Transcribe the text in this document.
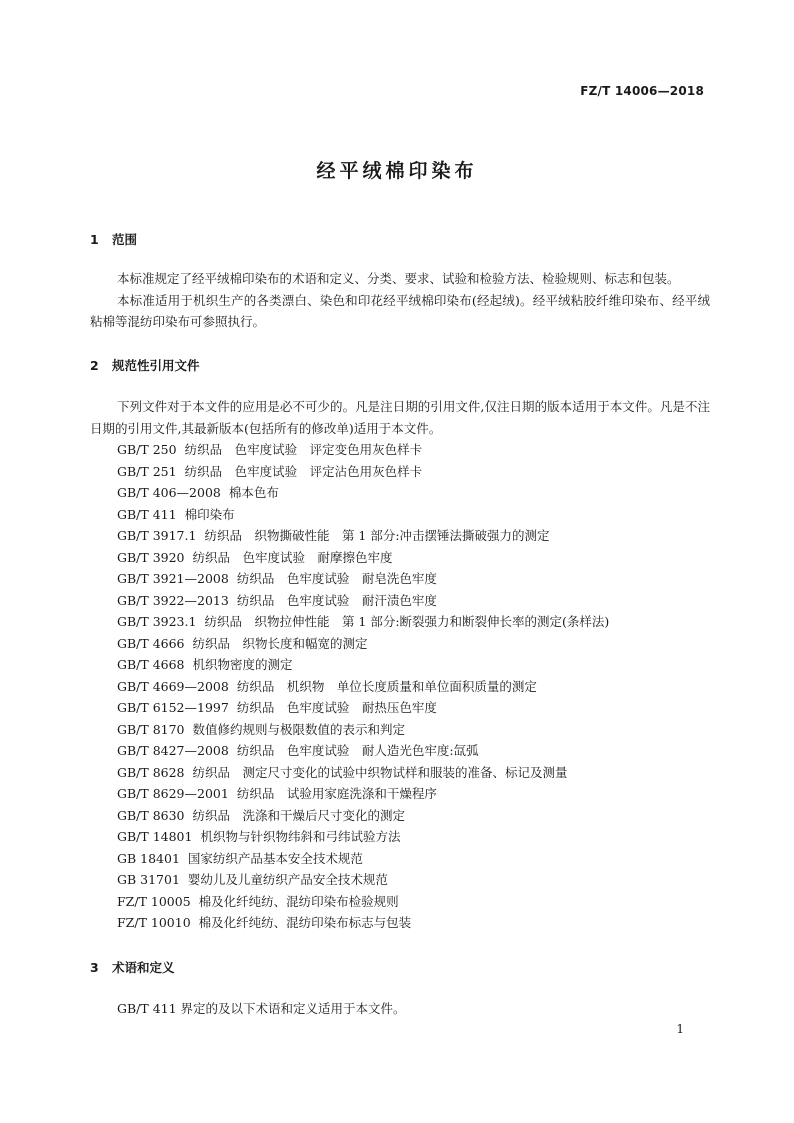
FZ/T 14006—2018
经平绒棉印染布
1 范围

本标准规定了经平绒棉印染布的术语和定义、分类、要求、试验和检验方法、检验规则、标志和包装。

本标准适用于机织生产的各类漂白、染色和印花经平绒棉印染布(经起绒)。经平绒粘胶纤维印染布、经平绒粘棉等混纺印染布可参照执行。

2 规范性引用文件

下列文件对于本文件的应用是必不可少的。凡是注日期的引用文件,仅注日期的版本适用于本文件。凡是不注日期的引用文件,其最新版本(包括所有的修改单)适用于本文件。

GB/T 250 纺织品　色牢度试验　评定变色用灰色样卡
GB/T 251 纺织品　色牢度试验　评定沾色用灰色样卡
GB/T 406—2008 棉本色布
GB/T 411 棉印染布
GB/T 3917.1 纺织品　织物撕破性能　第 1 部分:冲击摆锤法撕破强力的测定
GB/T 3920 纺织品　色牢度试验　耐摩擦色牢度
GB/T 3921—2008 纺织品　色牢度试验　耐皂洗色牢度
GB/T 3922—2013 纺织品　色牢度试验　耐汗渍色牢度
GB/T 3923.1 纺织品　织物拉伸性能　第 1 部分:断裂强力和断裂伸长率的测定(条样法)
GB/T 4666 纺织品　织物长度和幅宽的测定
GB/T 4668 机织物密度的测定
GB/T 4669—2008 纺织品　机织物　单位长度质量和单位面积质量的测定
GB/T 6152—1997 纺织品　色牢度试验　耐热压色牢度
GB/T 8170 数值修约规则与极限数值的表示和判定
GB/T 8427—2008 纺织品　色牢度试验　耐人造光色牢度:氙弧
GB/T 8628 纺织品　测定尺寸变化的试验中织物试样和服装的准备、标记及测量
GB/T 8629—2001 纺织品　试验用家庭洗涤和干燥程序
GB/T 8630 纺织品　洗涤和干燥后尺寸变化的测定
GB/T 14801 机织物与针织物纬斜和弓纬试验方法
GB 18401 国家纺织产品基本安全技术规范
GB 31701 婴幼儿及儿童纺织产品安全技术规范
FZ/T 10005 棉及化纤纯纺、混纺印染布检验规则
FZ/T 10010 棉及化纤纯纺、混纺印染布标志与包装
3 术语和定义

GB/T 411 界定的及以下术语和定义适用于本文件。

1
